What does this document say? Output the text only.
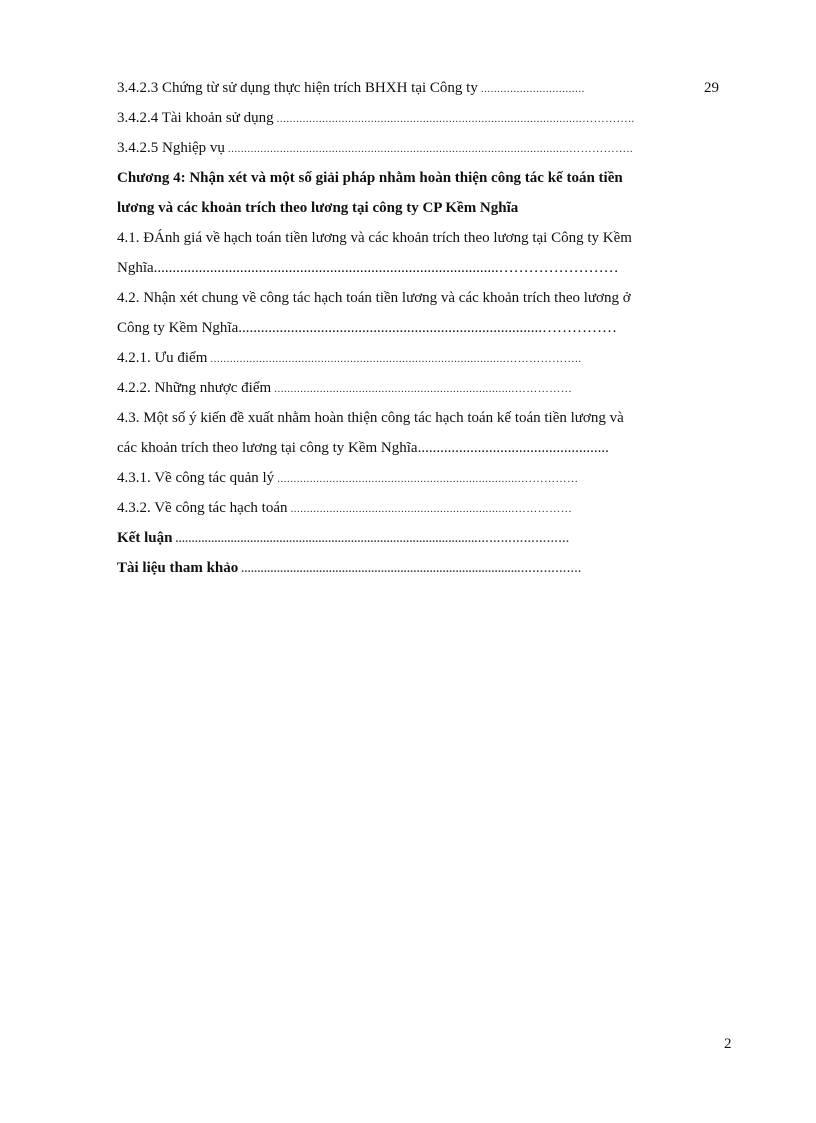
3.4.2.3 Chứng từ sử dụng thực hiện trích BHXH tại Công ty ................................	29
3.4.2.4 Tài khoản sử dụng ..............................................................................................…………..
3.4.2.5 Nghiệp vụ .........................................................................................................……………..

Chương 4: Nhận xét và một số giải pháp nhằm hoàn thiện công tác kế toán tiền

lương và các khoản trích theo lương tại công ty CP Kềm Nghĩa

4.1. ĐÁnh giá về hạch toán tiền lương và các khoản trích theo lương tại Công ty Kềm

Nghĩa ............................................................................................……………………

4.2. Nhận xét chung về công tác hạch toán tiền lương và các khoản trích theo lương ở

Công ty Kềm Nghĩa .................................................................................……………
4.2.1. Ưu điểm ...........................................................................................………………..
4.2.2. Những nhược điểm ..........................................................................……………

4.3. Một số ý kiến đề xuất nhằm hoàn thiện công tác hạch toán kế toán tiền lương và

các khoản trích theo lương tại công ty Kềm Nghĩa ...................................................
4.3.1. Về công tác quản lý ...........................................................................……………
4.3.2. Về công tác hạch toán .....................................................................……………
Kết luận .............................................................................................……………………
Tài liệu tham khảo ......................................................................................…………….
2
